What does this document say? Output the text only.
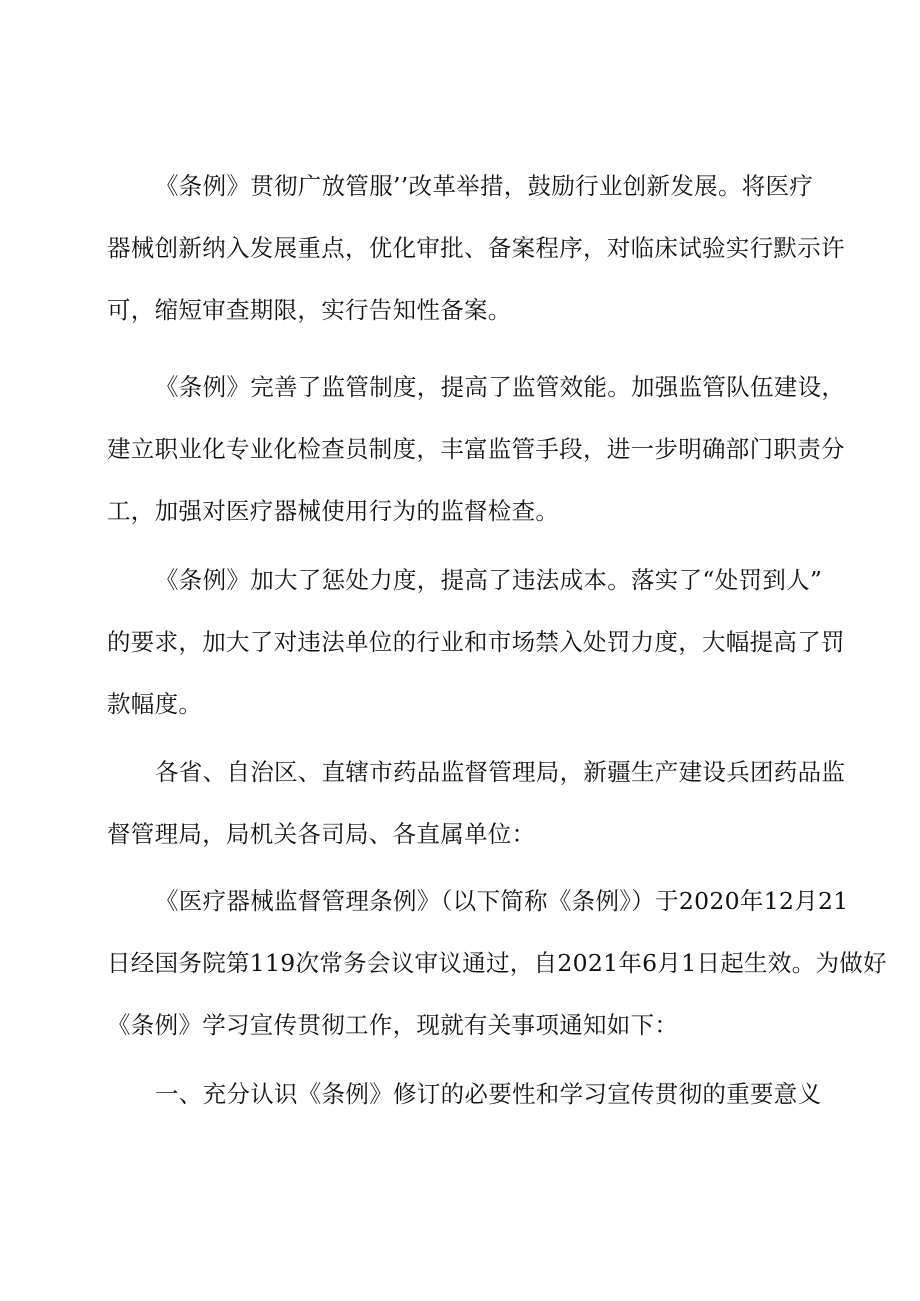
《条例》贯彻广放管服’’改革举措，鼓励行业创新发展。将医疗
器械创新纳入发展重点，优化审批、备案程序，对临床试验实行默示许
可，缩短审查期限，实行告知性备案。
《条例》完善了监管制度，提高了监管效能。加强监管队伍建设，
建立职业化专业化检查员制度，丰富监管手段，进一步明确部门职责分
工，加强对医疗器械使用行为的监督检查。
《条例》加大了惩处力度，提高了违法成本。落实了“处罚到人”
的要求，加大了对违法单位的行业和市场禁入处罚力度，大幅提高了罚
款幅度。
各省、自治区、直辖市药品监督管理局，新疆生产建设兵团药品监
督管理局，局机关各司局、各直属单位：
《医疗器械监督管理条例》（以下简称《条例》）于2020年12月21
日经国务院第119次常务会议审议通过，自2021年6月1日起生效。为做好
《条例》学习宣传贯彻工作，现就有关事项通知如下：
一、充分认识《条例》修订的必要性和学习宣传贯彻的重要意义
